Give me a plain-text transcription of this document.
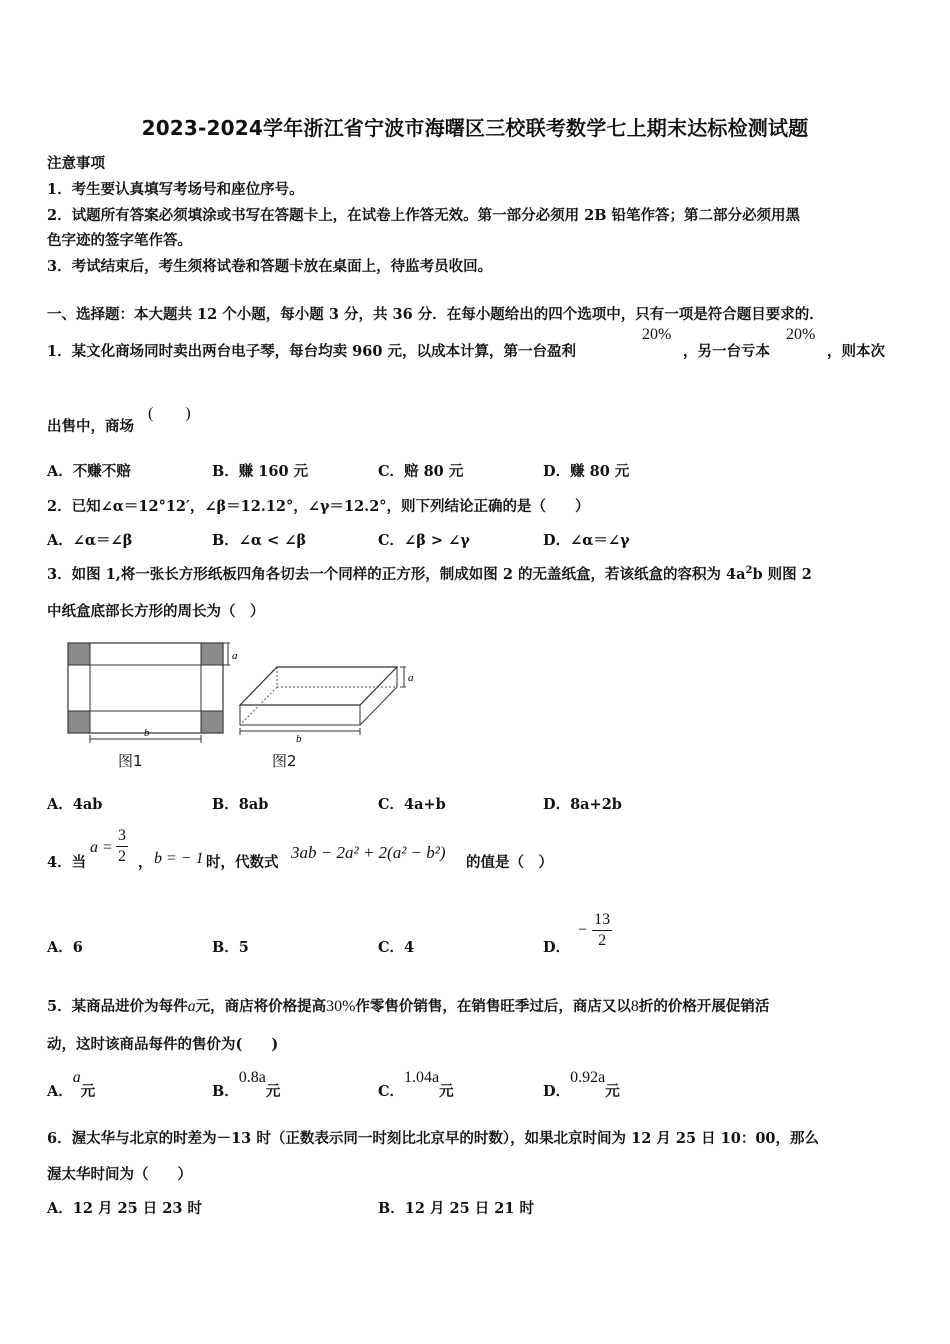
2023-2024学年浙江省宁波市海曙区三校联考数学七上期末达标检测试题
注意事项
1．考生要认真填写考场号和座位序号。
2．试题所有答案必须填涂或书写在答题卡上，在试卷上作答无效。第一部分必须用 2B 铅笔作答；第二部分必须用黑
色字迹的签字笔作答。
3．考试结束后，考生须将试卷和答题卡放在桌面上，待监考员收回。
一、选择题：本大题共 12 个小题，每小题 3 分，共 36 分．在每小题给出的四个选项中，只有一项是符合题目要求的．
1．某文化商场同时卖出两台电子琴，每台均卖 960 元，以成本计算，第一台盈利
20%
，另一台亏本
20%
，则本次
出售中，商场
(　　)
A．不赚不赔	B．赚 160 元	C．赔 80 元	D．赚 80 元
2．已知∠α＝12°12′，∠β＝12.12°，∠γ＝12.2°，则下列结论正确的是（　　）
A．∠α＝∠β	B．∠α < ∠β	C．∠β > ∠γ	D．∠α＝∠γ
3．如图 1,将一张长方形纸板四角各切去一个同样的正方形，制成如图 2 的无盖纸盒，若该纸盒的容积为 $4a^2b$ 则图 2
中纸盒底部长方形的周长为（　）
a
b
图1
a
b
图2
A．4ab	B．8ab	C．4a+b	D．8a+2b
4．当
$a = \frac{3}{2}$ ， b = − 1 时，代数式
3ab − 2a² + 2(a² − b²)
的值是（　）
A．6	B．5	C．4	D．
− $\frac{13}{2}$
5．某商品进价为每件a元，商店将价格提高30%作零售价销售，在销售旺季过后，商店又以8折的价格开展促销活
动，这时该商品每件的售价为(　　)
A．a元	B．0.8a元	C．1.04a元	D．0.92a元
6．渥太华与北京的时差为－13 时（正数表示同一时刻比北京早的时数），如果北京时间为 12 月 25 日 10：00，那么
渥太华时间为（　　）
A．12 月 25 日 23 时	B．12 月 25 日 21 时
